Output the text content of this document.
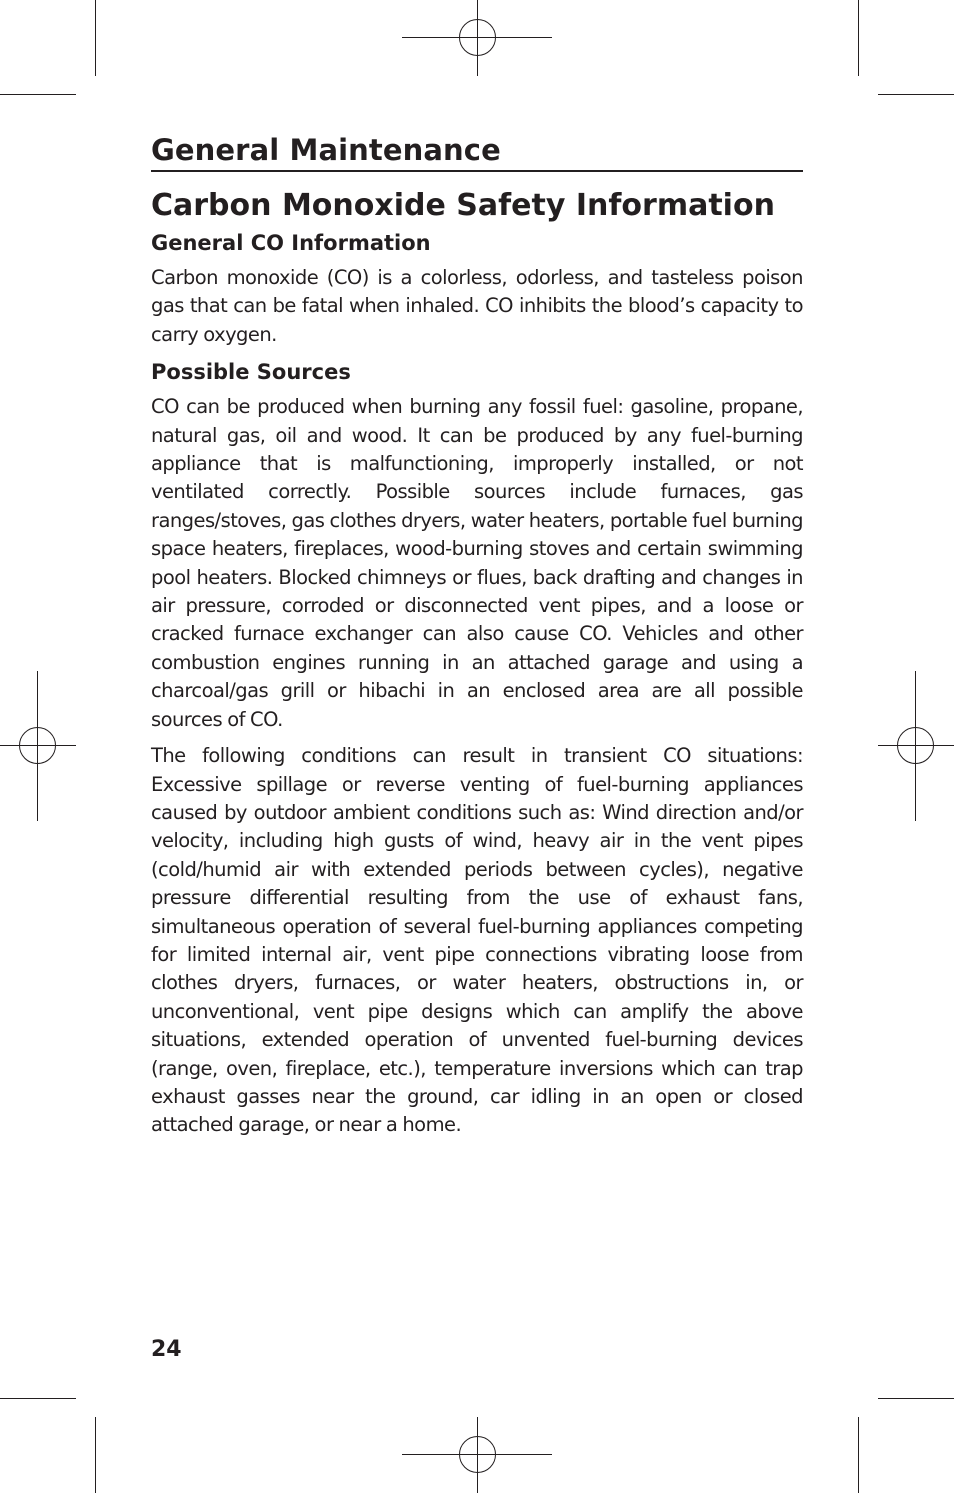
General Maintenance
Carbon Monoxide Safety Information
General CO Information

Carbon monoxide (CO) is a colorless, odorless, and tasteless poison gas that can be fatal when inhaled. CO inhibits the blood’s capacity to carry oxygen.

Possible Sources

CO can be produced when burning any fossil fuel: gasoline, propane, natural gas, oil and wood. It can be produced by any fuel-burning appliance that is malfunctioning, improperly installed, or not ventilated correctly. Possible sources include furnaces, gas ranges/stoves, gas clothes dryers, water heaters, portable fuel burning space heaters, fireplaces, wood-burning stoves and certain swimming pool heaters. Blocked chimneys or flues, back drafting and changes in air pressure, corroded or disconnected vent pipes, and a loose or cracked furnace exchanger can also cause CO. Vehicles and other combustion engines running in an attached garage and using a charcoal/gas grill or hibachi in an enclosed area are all possible sources of CO.

The following conditions can result in transient CO situations: Excessive spillage or reverse venting of fuel-burning appliances caused by outdoor ambient conditions such as: Wind direction and/or velocity, including high gusts of wind, heavy air in the vent pipes (cold/humid air with extended periods between cycles), negative pressure differential resulting from the use of exhaust fans, simultaneous operation of several fuel-burning appliances competing for limited internal air, vent pipe connections vibrating loose from clothes dryers, furnaces, or water heaters, obstructions in, or unconventional, vent pipe designs which can amplify the above situations, extended operation of unvented fuel-burning devices (range, oven, fireplace, etc.), temperature inversions which can trap exhaust gasses near the ground, car idling in an open or closed attached garage, or near a home.

24
